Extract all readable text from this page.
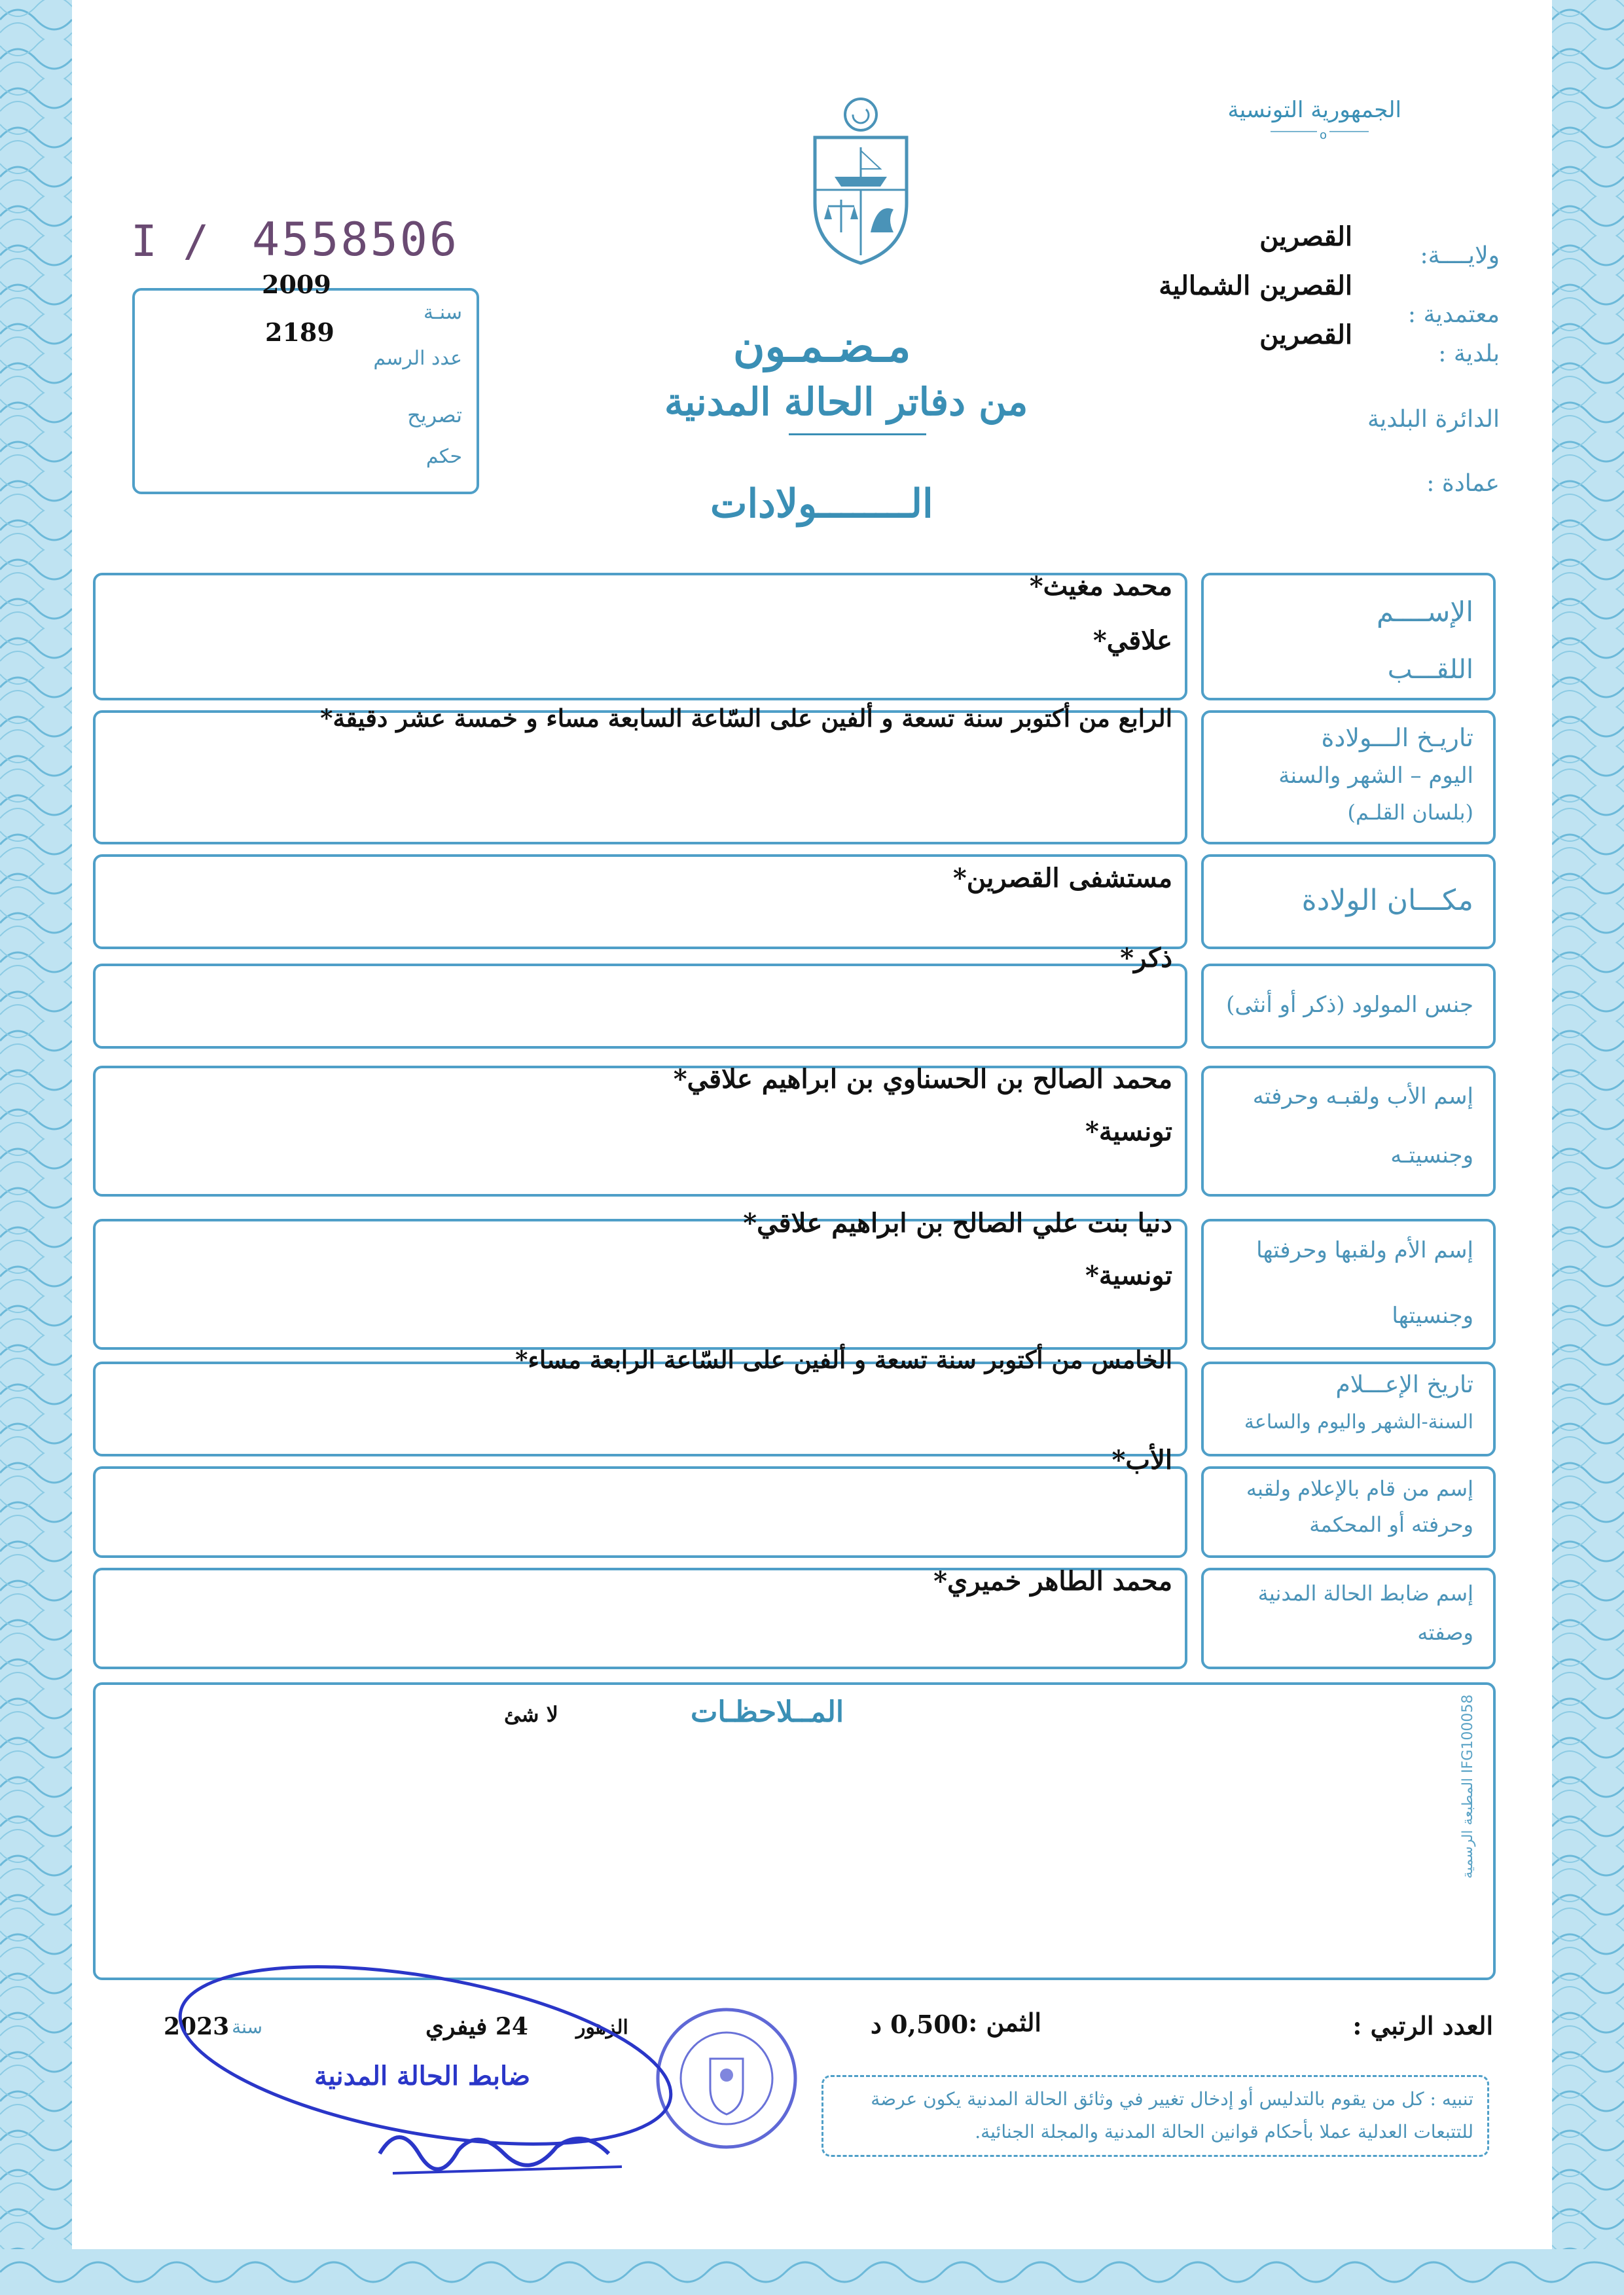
الجمهورية التونسية
o
I / 4558506
2009
سنـة
2189
عدد الرسم
تصريح
حكم
مـضـمـون
من دفاتر الحالة المدنية
الــــــــولادات
ولايــــة:
القصرين
معتمدية :
القصرين الشمالية
بلدية :
القصرين
الدائرة البلدية
عمادة :
الإســــم
اللقـــب
محمد مغيث*
علاقي*
تاريـخ الـــولادة
اليوم – الشهر والسنة
(بلسان القلـم)
الرابع من أكتوبر سنة تسعة و ألفين على السّاعة السابعة مساء و خمسة عشر دقيقة*
مكـــان الولادة
مستشفى القصرين*
جنس المولود (ذكر أو أنثى)
ذكر*
إسم الأب ولقبـه وحرفته
وجنسيتـه
محمد الصالح بن الحسناوي بن ابراهيم علاقي*
تونسية*
إسم الأم ولقبها وحرفتها
وجنسيتها
دنيا بنت علي الصالح بن ابراهيم علاقي*
تونسية*
تاريخ الإعـــلام
السنة-الشهر واليوم والساعة
الخامس من أكتوبر سنة تسعة و ألفين على السّاعة الرابعة مساء*
إسم من قام بالإعلام ولقبه
وحرفته أو المحكمة
الأب*
إسم ضابط الحالة المدنية
وصفته
محمد الطاهر خميري*
المــلاحظـات
لا شئ
المطبعة الرسمية IFG100058
العدد الرتبي :
الثمن :
0,500 د
الزهور
24 فيفري
سنة
2023
ضابط الحالة المدنية
تنبيه : كل من يقوم بالتدليس أو إدخال تغيير في وثائق الحالة المدنية يكون عرضة
للتتبعات العدلية عملا بأحكام قوانين الحالة المدنية والمجلة الجنائية.
